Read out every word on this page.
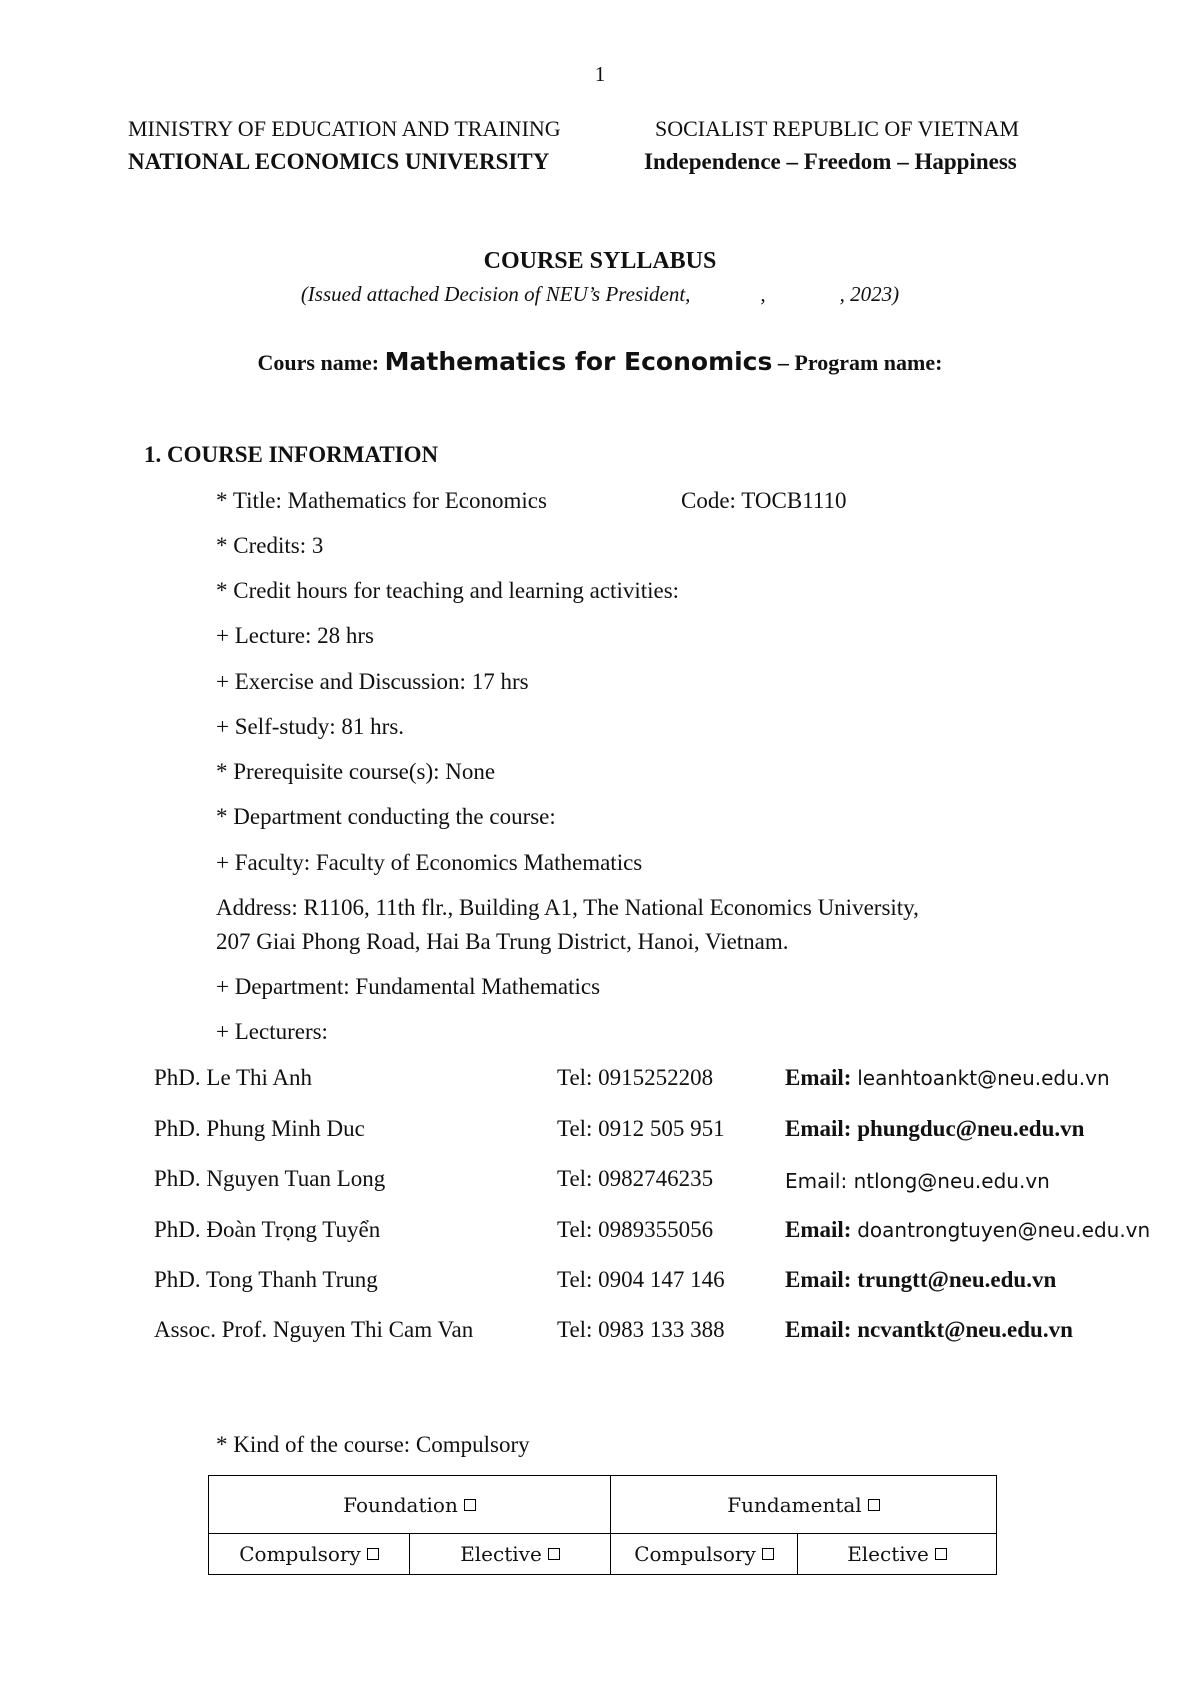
1
MINISTRY OF EDUCATION AND TRAINING	SOCIALIST REPUBLIC OF VIETNAM
NATIONAL ECONOMICS UNIVERSITY	Independence – Freedom – Happiness
COURSE SYLLABUS
(Issued attached Decision of NEU’s President,	,	, 2023)
Cours name: Mathematics for Economics – Program name:
1. COURSE INFORMATION
* Title: Mathematics for Economics	Code: TOCB1110
* Credits: 3
* Credit hours for teaching and learning activities:
+ Lecture: 28 hrs
+ Exercise and Discussion: 17 hrs
+ Self-study: 81 hrs.
* Prerequisite course(s): None
* Department conducting the course:
+ Faculty: Faculty of Economics Mathematics
Address: R1106, 11th flr., Building A1, The National Economics University,
207 Giai Phong Road, Hai Ba Trung District, Hanoi, Vietnam.
+ Department: Fundamental Mathematics
+ Lecturers:
PhD. Le Thi Anh	Tel: 0915252208	Email: leanhtoankt@neu.edu.vn
PhD. Phung Minh Duc	Tel: 0912 505 951	Email: phungduc@neu.edu.vn
PhD. Nguyen Tuan Long	Tel: 0982746235	Email: ntlong@neu.edu.vn
PhD. Đoàn Trọng Tuyển	Tel: 0989355056	Email: doantrongtuyen@neu.edu.vn
PhD. Tong Thanh Trung	Tel: 0904 147 146	Email: trungtt@neu.edu.vn
Assoc. Prof. Nguyen Thi Cam Van	Tel: 0983 133 388	Email: ncvantkt@neu.edu.vn
* Kind of the course: Compulsory
Foundation		Fundamental	
Compulsory	Elective	Compulsory	Elective
